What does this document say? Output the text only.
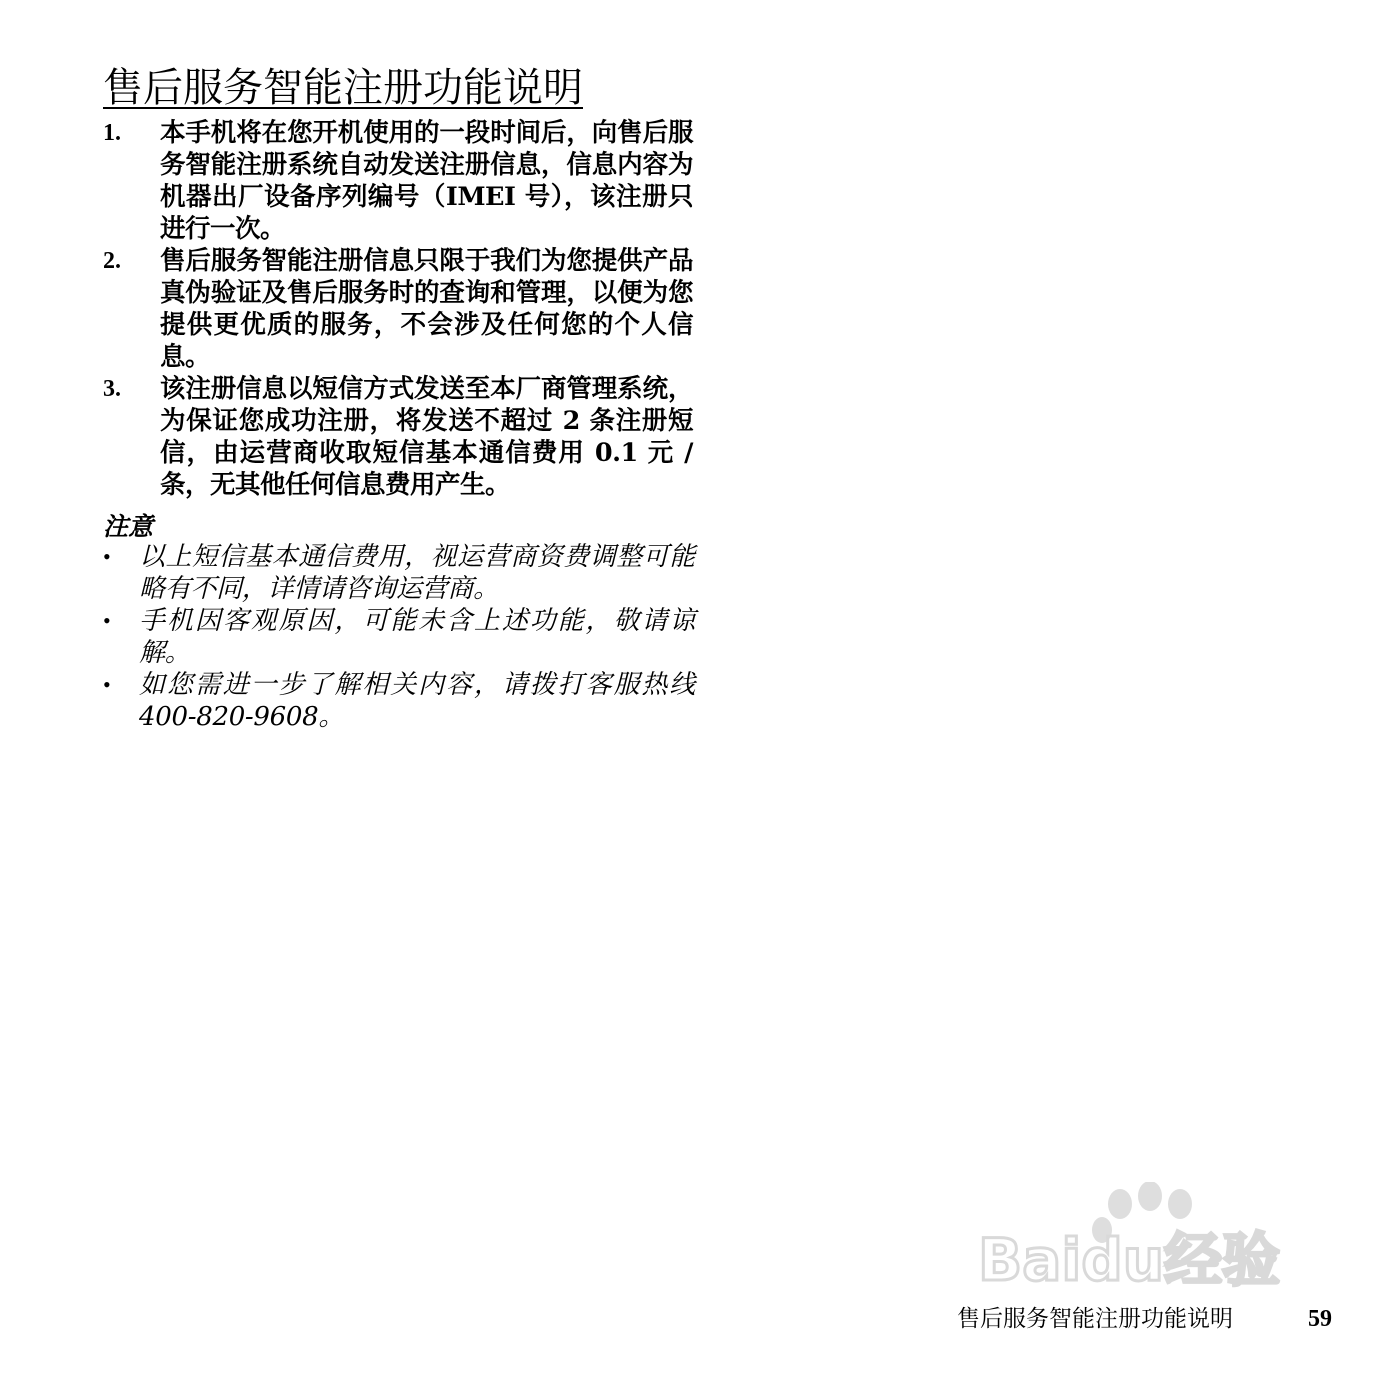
售后服务智能注册功能说明
1.	本手机将在您开机使用的一段时间后，向售后服务智能注册系统自动发送注册信息，信息内容为机器出厂设备序列编号（IMEI 号），该注册只进行一次。
2.	售后服务智能注册信息只限于我们为您提供产品真伪验证及售后服务时的查询和管理，以便为您提供更优质的服务，不会涉及任何您的个人信息。
3.	该注册信息以短信方式发送至本厂商管理系统，为保证您成功注册，将发送不超过 2 条注册短信，由运营商收取短信基本通信费用 0.1 元 / 条，无其他任何信息费用产生。
注意
•	以上短信基本通信费用，视运营商资费调整可能略有不同，详情请咨询运营商。
•	手机因客观原因，可能未含上述功能，敬请谅解。
•	如您需进一步了解相关内容，请拨打客服热线 400-820-9608。
Baidu经验
售后服务智能注册功能说明	59
